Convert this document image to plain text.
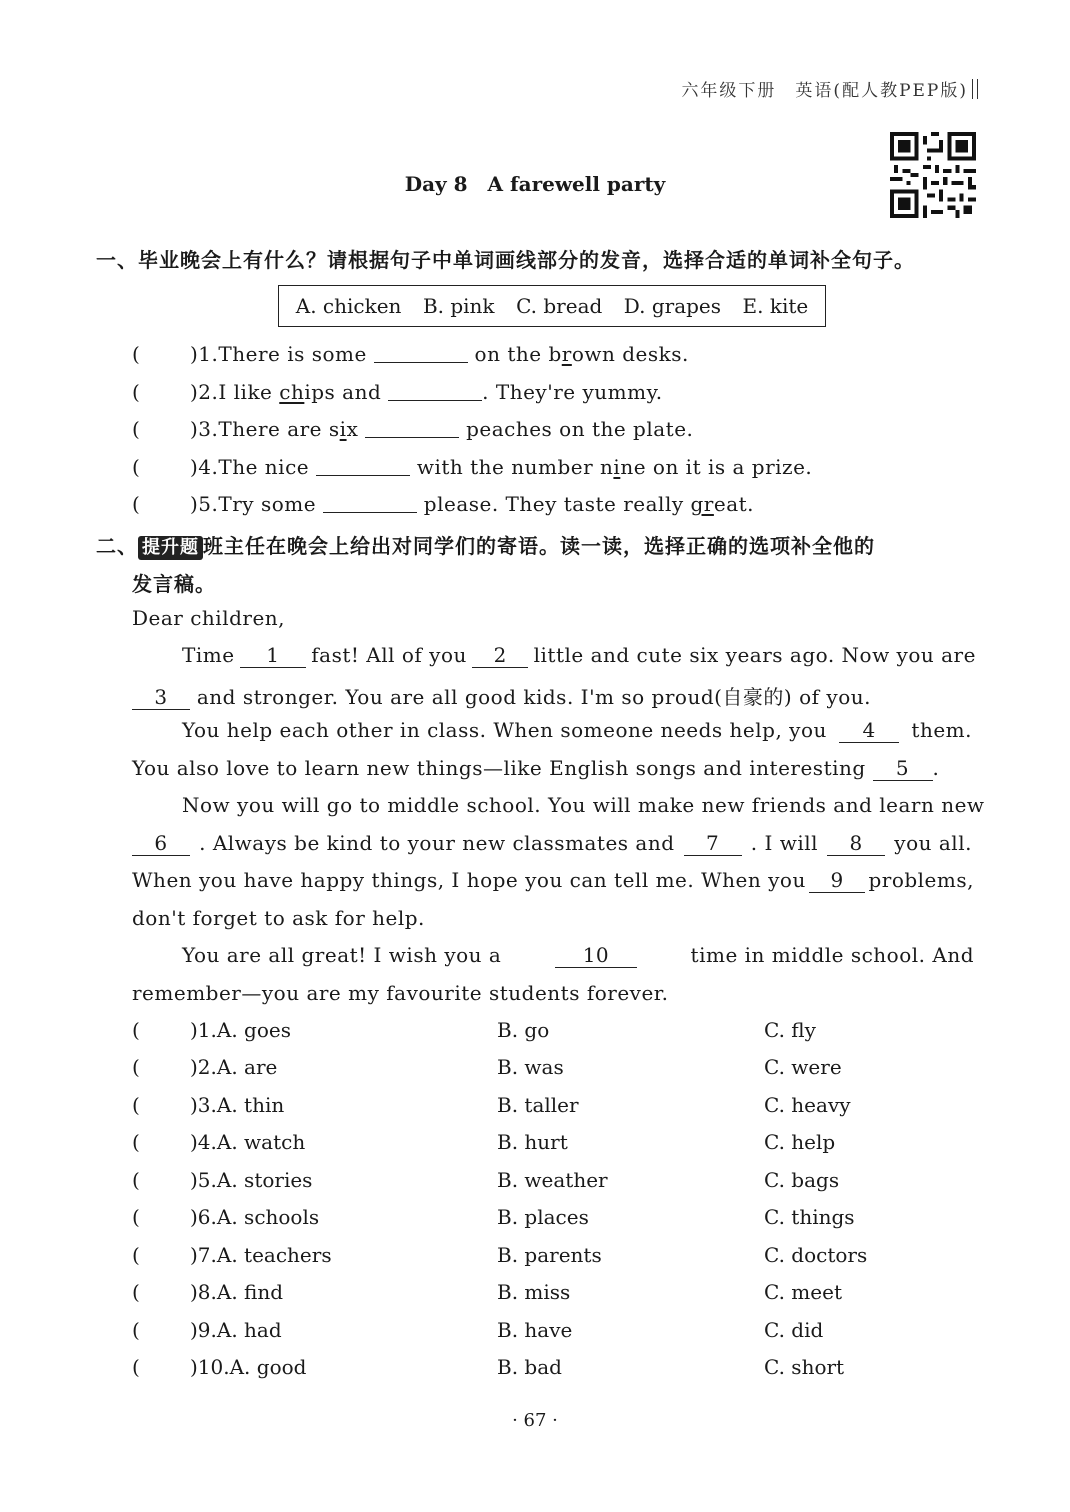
六年级下册　英语(配人教PEP版)
Day 8　A farewell party
一、毕业晚会上有什么？请根据句子中单词画线部分的发音，选择合适的单词补全句子。
A. chicken B. pink C. bread D. grapes E. kite
( )1.There is some	on the brown desks.
( )2.I like chips and	. They're yummy.
( )3.There are six	peaches on the plate.
( )4.The nice	with the number nine on it is a prize.
( )5.Try some	please. They taste really great.
二、 提升题 班主任在晚会上给出对同学们的寄语。读一读，选择正确的选项补全他的
发言稿。
Dear children,
Time	1	fast! All of you	2	little and cute six years ago. Now you are
3 and stronger. You are all good kids. I'm so proud(自豪的) of you.
You help each other in class. When someone needs help, you	4	them.
You also love to learn new things—like English songs and interesting 5 .
Now you will go to middle school. You will make new friends and learn new
6	. Always be kind to your new classmates and	7	. I will	8	you all.
When you have happy things, I hope you can tell me. When you	9	problems,
don't forget to ask for help.
You are all great! I wish you a	10	time in middle school. And
remember—you are my favourite students forever.
(	)1.A. goes	B. go	C. fly
(	)2.A. are	B. was	C. were
(	)3.A. thin	B. taller	C. heavy
(	)4.A. watch	B. hurt	C. help
(	)5.A. stories	B. weather	C. bags
(	)6.A. schools	B. places	C. things
(	)7.A. teachers	B. parents	C. doctors
(	)8.A. find	B. miss	C. meet
(	)9.A. had	B. have	C. did
(	)10.A. good	B. bad	C. short
· 67 ·
